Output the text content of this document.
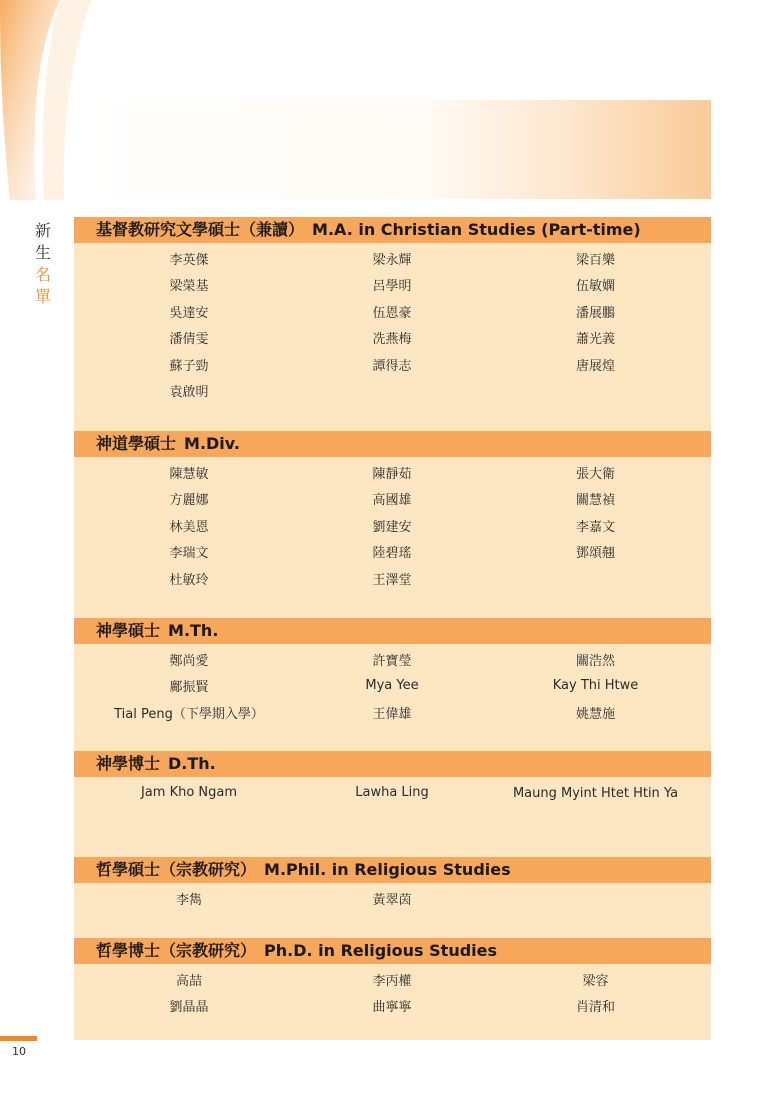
新
生
名
單
基督教研究文學碩士（兼讀） M.A. in Christian Studies (Part-time)
李英傑	梁永輝	梁百樂
梁榮基	呂學明	伍敏嫻
吳達安	伍恩豪	潘展鵬
潘倩雯	冼燕梅	蕭光義
蘇子勁	譚得志	唐展煌
袁啟明
神道學碩士 M.Div.
陳慧敏	陳靜茹	張大衛
方麗娜	高國雄	關慧禎
林美恩	劉建安	李嘉文
李瑞文	陸碧瑤	鄧頌翹
杜敏玲	王澤堂
神學碩士 M.Th.
鄭尚愛	許寶瑩	關浩然
鄺振賢	Mya Yee	Kay Thi Htwe
Tial Peng（下學期入學）	王偉雄	姚慧施
神學博士 D.Th.
Jam Kho Ngam	Lawha Ling	Maung Myint Htet Htin Ya
哲學碩士（宗教研究） M.Phil. in Religious Studies
李雋	黃翠茵
哲學博士（宗教研究） Ph.D. in Religious Studies
高喆	李丙權	梁容
劉晶晶	曲寧寧	肖清和
10
